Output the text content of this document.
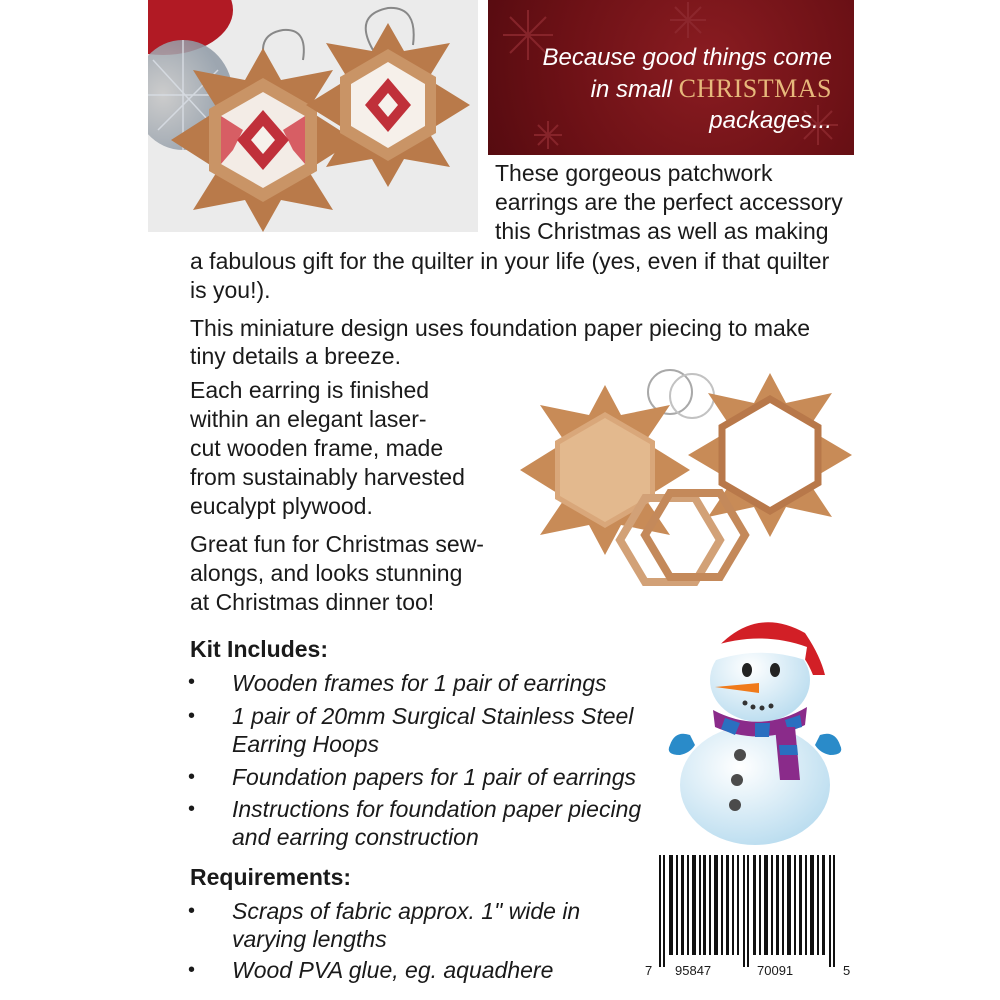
Because good things come
in small CHRISTMAS
packages...
These gorgeous patchwork
earrings are the perfect accessory
this Christmas as well as making
a fabulous gift for the quilter in your life (yes, even if that quilter
is you!).
This miniature design uses foundation paper piecing to make
tiny details a breeze.
Each earring is finished
within an elegant laser-
cut wooden frame, made
from sustainably harvested
eucalypt plywood.
Great fun for Christmas sew-
alongs, and looks stunning
at Christmas dinner too!
Kit Includes:
• Wooden frames for 1 pair of earrings
• 1 pair of 20mm Surgical Stainless Steel
Earring Hoops
• Foundation papers for 1 pair of earrings
• Instructions for foundation paper piecing
and earring construction
Requirements:
• Scraps of fabric approx. 1" wide in
varying lengths
• Wood PVA glue, eg. aquadhere	7 95847	70091	5
